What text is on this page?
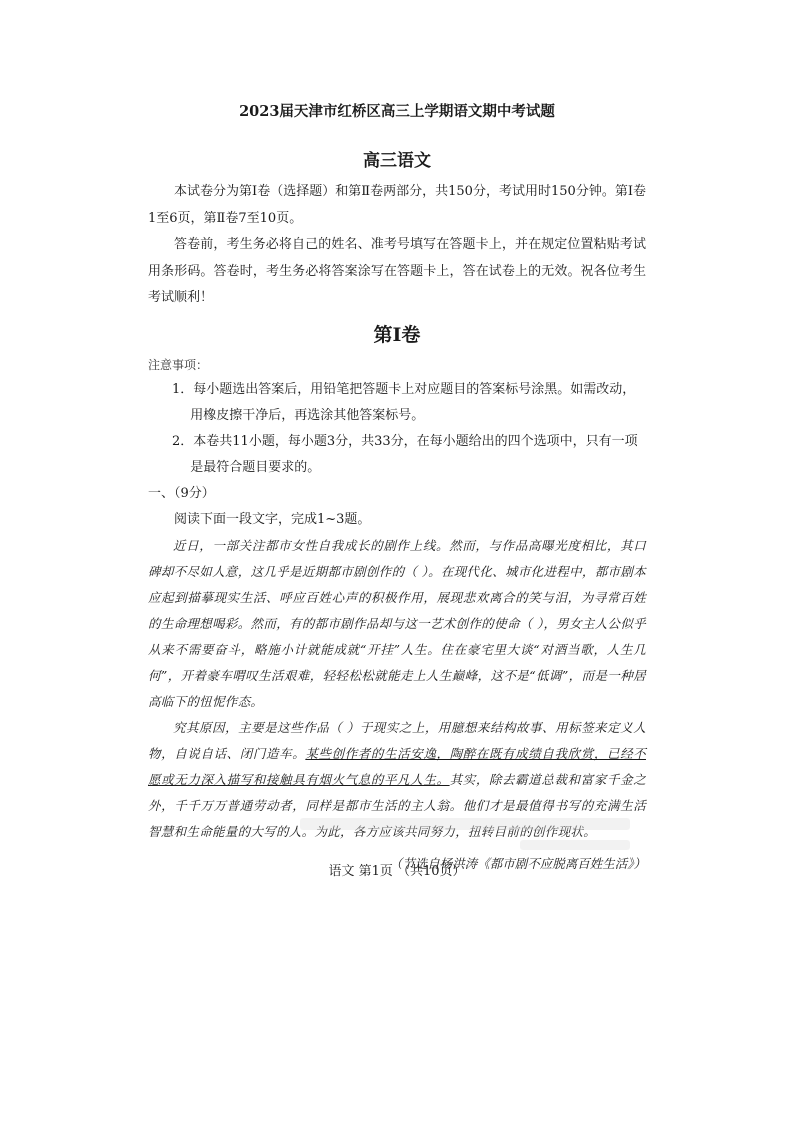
2023届天津市红桥区高三上学期语文期中考试题
高三语文

本试卷分为第Ⅰ卷（选择题）和第Ⅱ卷两部分，共150分，考试用时150分钟。第Ⅰ卷1至6页，第Ⅱ卷7至10页。

答卷前，考生务必将自己的姓名、准考号填写在答题卡上，并在规定位置粘贴考试用条形码。答卷时，考生务必将答案涂写在答题卡上，答在试卷上的无效。祝各位考生考试顺利！

第Ⅰ卷

注意事项：

1．每小题选出答案后，用铅笔把答题卡上对应题目的答案标号涂黑。如需改动，用橡皮擦干净后，再选涂其他答案标号。

2．本卷共11小题，每小题3分，共33分，在每小题给出的四个选项中，只有一项是最符合题目要求的。

一、（9分）

阅读下面一段文字，完成1~3题。

近日，一部关注都市女性自我成长的剧作上线。然而，与作品高曝光度相比，其口碑却不尽如人意，这几乎是近期都市剧创作的（ ）。在现代化、城市化进程中，都市剧本应起到描摹现实生活、呼应百姓心声的积极作用，展现悲欢离合的笑与泪，为寻常百姓的生命理想喝彩。然而，有的都市剧作品却与这一艺术创作的使命（ ），男女主人公似乎从来不需要奋斗，略施小计就能成就“开挂”人生。住在豪宅里大谈“对酒当歌，人生几何”，开着豪车喟叹生活艰难，轻轻松松就能走上人生巅峰，这不是“低调”，而是一种居高临下的忸怩作态。

究其原因，主要是这些作品（ ）于现实之上，用臆想来结构故事、用标签来定义人物，自说自话、闭门造车。某些创作者的生活安逸，陶醉在既有成绩自我欣赏，已经不愿或无力深入描写和接触具有烟火气息的平凡人生。其实，除去霸道总裁和富家千金之外，千千万万普通劳动者，同样是都市生活的主人翁。他们才是最值得书写的充满生活智慧和生命能量的大写的人。为此，各方应该共同努力，扭转目前的创作现状。

（节选自杨洪涛《都市剧不应脱离百姓生活》）

语文 第1页 （共10页）
